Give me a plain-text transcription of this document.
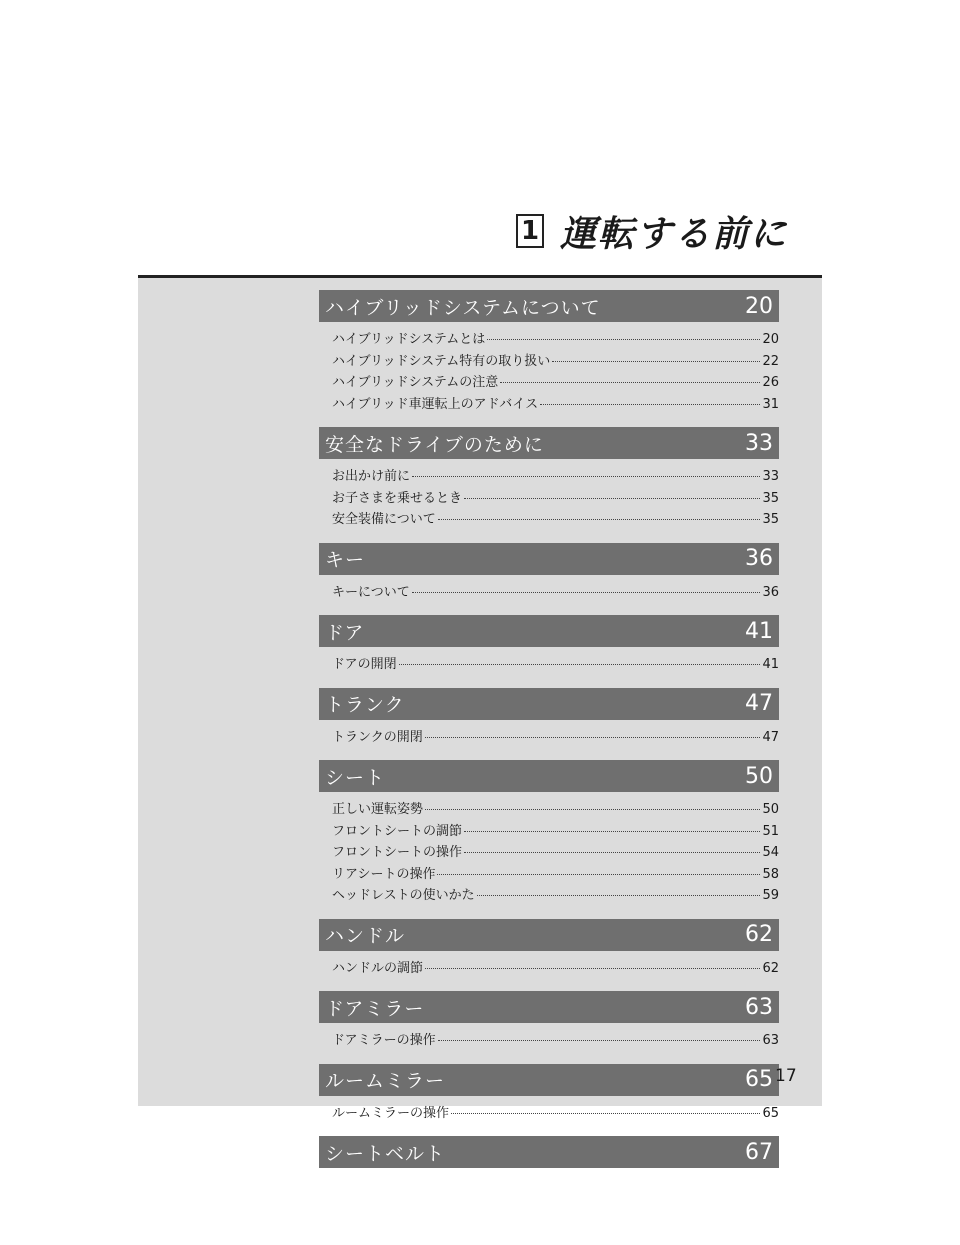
1 運転する前に
ハイブリッドシステムについて	20
ハイブリッドシステムとは	20
ハイブリッドシステム特有の取り扱い	22
ハイブリッドシステムの注意	26
ハイブリッド車運転上のアドバイス	31
安全なドライブのために	33
お出かけ前に	33
お子さまを乗せるとき	35
安全装備について	35
キー	36
キーについて	36
ドア	41
ドアの開閉	41
トランク	47
トランクの開閉	47
シート	50
正しい運転姿勢	50
フロントシートの調節	51
フロントシートの操作	54
リアシートの操作	58
ヘッドレストの使いかた	59
ハンドル	62
ハンドルの調節	62
ドアミラー	63
ドアミラーの操作	63
ルームミラー	65
ルームミラーの操作	65
シートベルト	67
17
